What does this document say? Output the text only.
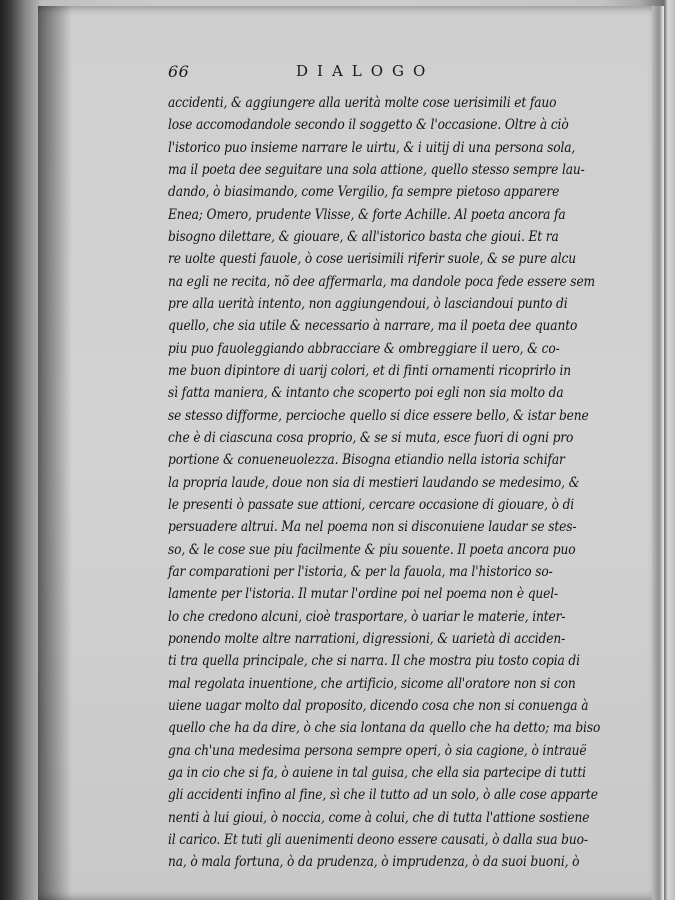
66	DIALOGO
accidenti, & aggiungere alla uerità molte cose uerisimili et fauo
lose accomodandole secondo il soggetto & l'occasione. Oltre à ciò
l'istorico puo insieme narrare le uirtu, & i uitij di una persona sola,
ma il poeta dee seguitare una sola attione, quello stesso sempre lau-
dando, ò biasimando, come Vergilio, fa sempre pietoso apparere
Enea; Omero, prudente Vlisse, & forte Achille. Al poeta ancora fa
bisogno dilettare, & giouare, & all'istorico basta che gioui. Et ra
re uolte questi fauole, ò cose uerisimili riferir suole, & se pure alcu
na egli ne recita, nõ dee affermarla, ma dandole poca fede essere sem
pre alla uerità intento, non aggiungendoui, ò lasciandoui punto di
quello, che sia utile & necessario à narrare, ma il poeta dee quanto
piu puo fauoleggiando abbracciare & ombreggiare il uero, & co-
me buon dipintore di uarij colori, et di finti ornamenti ricoprirlo in
sì fatta maniera, & intanto che scoperto poi egli non sia molto da
se stesso difforme, percioche quello si dice essere bello, & istar bene
che è di ciascuna cosa proprio, & se si muta, esce fuori di ogni pro
portione & conueneuolezza. Bisogna etiandio nella istoria schifar
la propria laude, doue non sia di mestieri laudando se medesimo, &
le presenti ò passate sue attioni, cercare occasione di giouare, ò di
persuadere altrui. Ma nel poema non si disconuiene laudar se stes-
so, & le cose sue piu facilmente & piu souente. Il poeta ancora puo
far comparationi per l'istoria, & per la fauola, ma l'historico so-
lamente per l'istoria. Il mutar l'ordine poi nel poema non è quel-
lo che credono alcuni, cioè trasportare, ò uariar le materie, inter-
ponendo molte altre narrationi, digressioni, & uarietà di acciden-
ti tra quella principale, che si narra. Il che mostra piu tosto copia di
mal regolata inuentione, che artificio, sicome all'oratore non si con
uiene uagar molto dal proposito, dicendo cosa che non si conuenga à
quello che ha da dire, ò che sia lontana da quello che ha detto; ma biso
gna ch'una medesima persona sempre operi, ò sia cagione, ò intrauë
ga in cio che si fa, ò auiene in tal guisa, che ella sia partecipe di tutti
gli accidenti infino al fine, sì che il tutto ad un solo, ò alle cose apparte
nenti à lui gioui, ò noccia, come à colui, che di tutta l'attione sostiene
il carico. Et tuti gli auenimenti deono essere causati, ò dalla sua buo-
na, ò mala fortuna, ò da prudenza, ò imprudenza, ò da suoi buoni, ò
